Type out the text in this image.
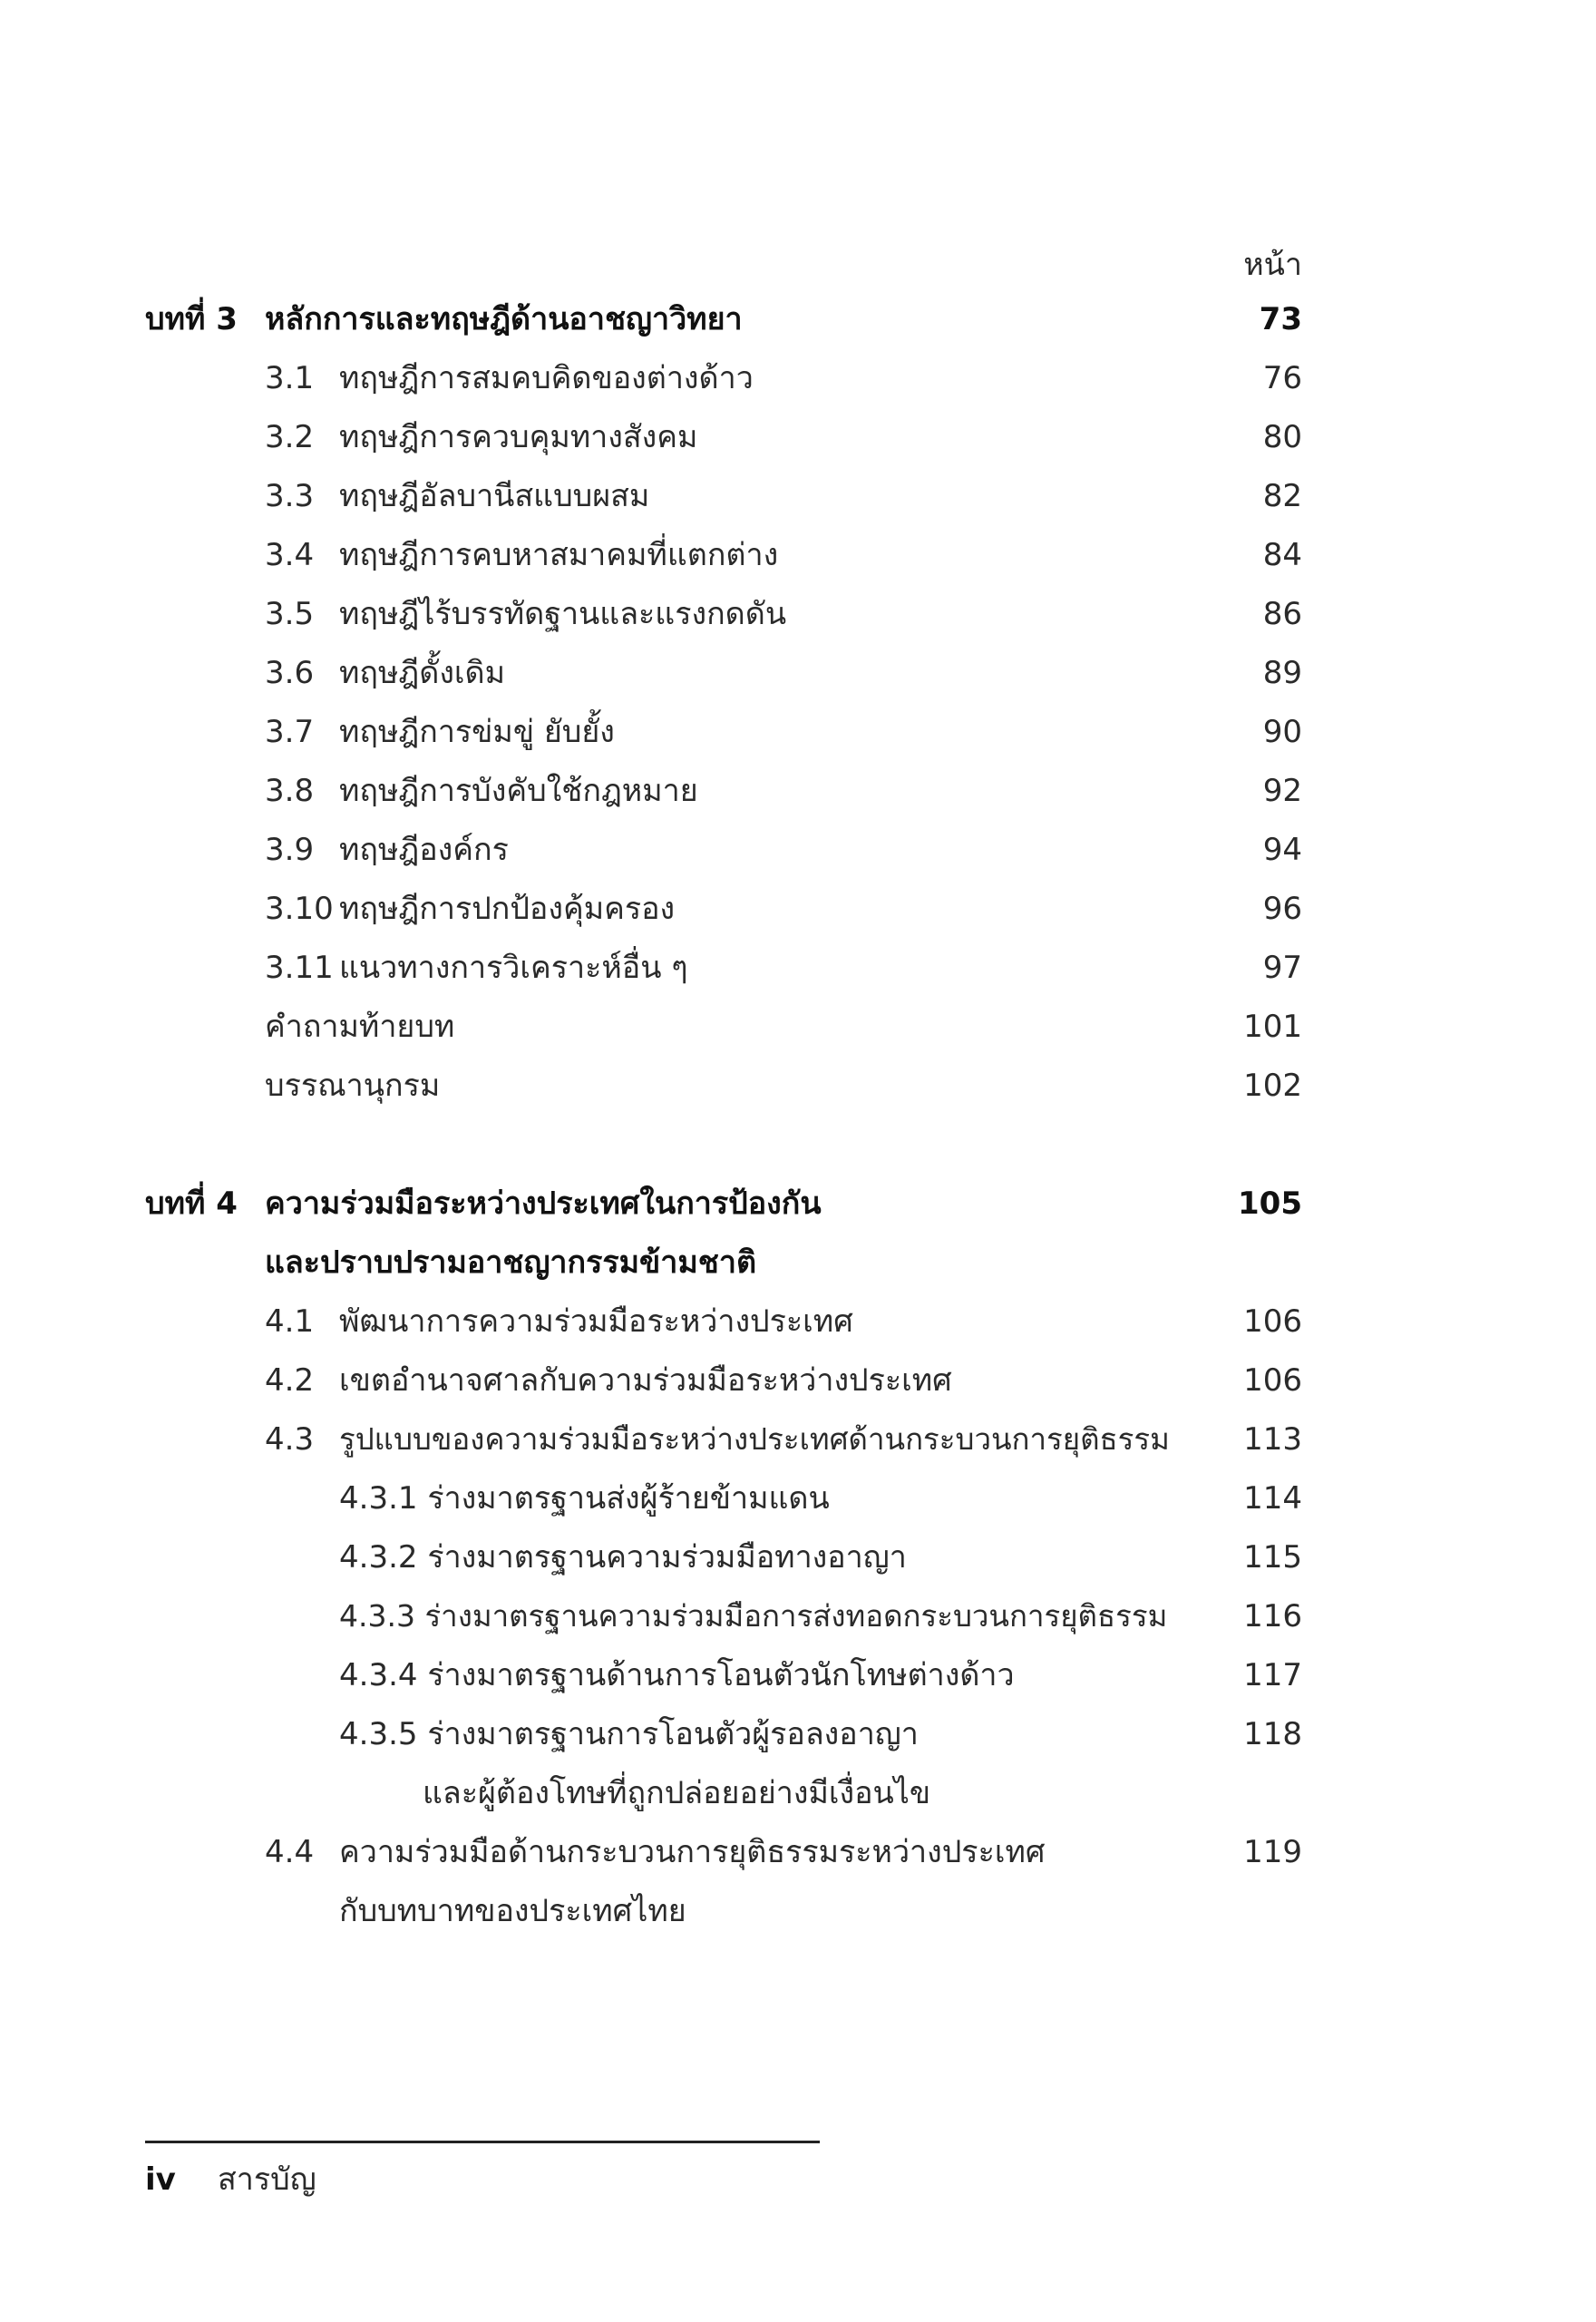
หน้า
บทที่ 3 หลักการและทฤษฎีด้านอาชญาวิทยา	73
3.1 ทฤษฎีการสมคบคิดของต่างด้าว	76
3.2 ทฤษฎีการควบคุมทางสังคม	80
3.3 ทฤษฎีอัลบานีสแบบผสม	82
3.4 ทฤษฎีการคบหาสมาคมที่แตกต่าง	84
3.5 ทฤษฎีไร้บรรทัดฐานและแรงกดดัน	86
3.6 ทฤษฎีดั้งเดิม	89
3.7 ทฤษฎีการข่มขู่ ยับยั้ง	90
3.8 ทฤษฎีการบังคับใช้กฎหมาย	92
3.9 ทฤษฎีองค์กร	94
3.10 ทฤษฎีการปกป้องคุ้มครอง	96
3.11 แนวทางการวิเคราะห์อื่น ๆ	97
คำถามท้ายบท	101
บรรณานุกรม	102
บทที่ 4 ความร่วมมือระหว่างประเทศในการป้องกัน	105
และปราบปรามอาชญากรรมข้ามชาติ
4.1 พัฒนาการความร่วมมือระหว่างประเทศ	106
4.2 เขตอำนาจศาลกับความร่วมมือระหว่างประเทศ	106
4.3 รูปแบบของความร่วมมือระหว่างประเทศด้านกระบวนการยุติธรรม 113
4.3.1 ร่างมาตรฐานส่งผู้ร้ายข้ามแดน	114
4.3.2 ร่างมาตรฐานความร่วมมือทางอาญา	115
4.3.3 ร่างมาตรฐานความร่วมมือการส่งทอดกระบวนการยุติธรรม 116
4.3.4 ร่างมาตรฐานด้านการโอนตัวนักโทษต่างด้าว	117
4.3.5 ร่างมาตรฐานการโอนตัวผู้รอลงอาญา	118
และผู้ต้องโทษที่ถูกปล่อยอย่างมีเงื่อนไข
4.4 ความร่วมมือด้านกระบวนการยุติธรรมระหว่างประเทศ	119
กับบทบาทของประเทศไทย
iv สารบัญ
